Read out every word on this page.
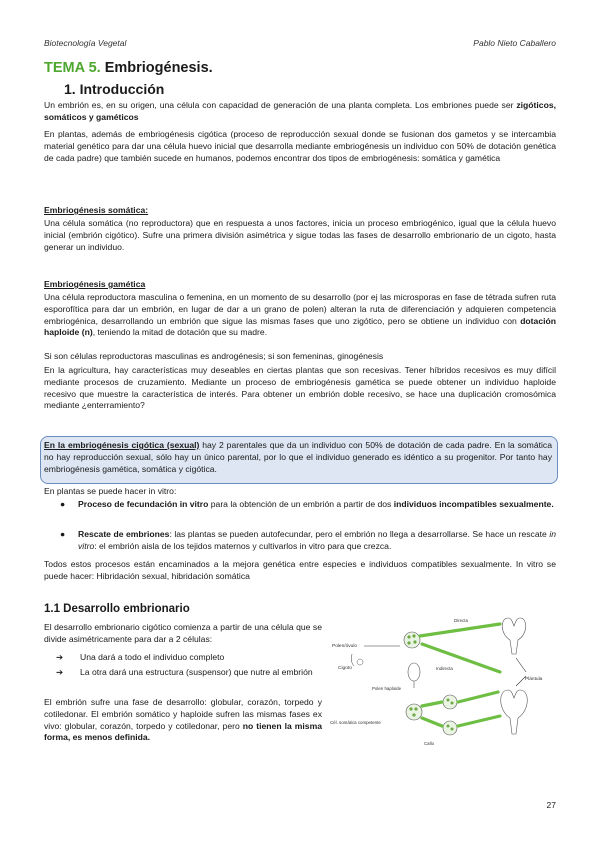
Biotecnología Vegetal	Pablo Nieto Caballero
TEMA 5. Embriogénesis.
1. Introducción

Un embrión es, en su origen, una célula con capacidad de generación de una planta completa. Los embriones puede ser zigóticos, somáticos y gaméticos

En plantas, además de embriogénesis cigótica (proceso de reproducción sexual donde se fusionan dos gametos y se intercambia material genético para dar una célula huevo inicial que desarrolla mediante embriogénesis un individuo con 50% de dotación genética de cada padre) que también sucede en humanos, podemos encontrar dos tipos de embriogénesis: somática y gamética

Embriogénesis somática:

Una célula somática (no reproductora) que en respuesta a unos factores, inicia un proceso embriogénico, igual que la célula huevo inicial (embrión cigótico). Sufre una primera división asimétrica y sigue todas las fases de desarrollo embrionario de un cigoto, hasta generar un individuo.

Embriogénesis gamética

Una célula reproductora masculina o femenina, en un momento de su desarrollo (por ej las microsporas en fase de tétrada sufren ruta esporofítica para dar un embrión, en lugar de dar a un grano de polen) alteran la ruta de diferenciación y adquieren competencia embriogénica, desarrollando un embrión que sigue las mismas fases que uno zigótico, pero se obtiene un individuo con dotación haploide (n), teniendo la mitad de dotación que su madre.

Si son células reproductoras masculinas es androgénesis; si son femeninas, ginogénesis

En la agricultura, hay características muy deseables en ciertas plantas que son recesivas. Tener híbridos recesivos es muy difícil mediante procesos de cruzamiento. Mediante un proceso de embriogénesis gamética se puede obtener un individuo haploide recesivo que muestre la característica de interés. Para obtener un embrión doble recesivo, se hace una duplicación cromosómica mediante ¿enterramiento?

En la embriogénesis cigótica (sexual) hay 2 parentales que da un individuo con 50% de dotación de cada padre. En la somática no hay reproducción sexual, sólo hay un único parental, por lo que el individuo generado es idéntico a su progenitor. Por tanto hay embriogénesis gamética, somática y cigótica.

En plantas se puede hacer in vitro:

● Proceso de fecundación in vitro para la obtención de un embrión a partir de dos individuos incompatibles sexualmente.
● Rescate de embriones: las plantas se pueden autofecundar, pero el embrión no llega a desarrollarse. Se hace un rescate in vitro: el embrión aisla de los tejidos maternos y cultivarlos in vitro para que crezca.

Todos estos procesos están encaminados a la mejora genética entre especies e individuos compatibles sexualmente. In vitro se puede hacer: Hibridación sexual, hibridación somática

1.1 Desarrollo embrionario

El desarrollo embrionario cigótico comienza a partir de una célula que se divide asimétricamente para dar a 2 células:

➔ Una dará a todo el individuo completo
➔ La otra dará una estructura (suspensor) que nutre al embrión

El embrión sufre una fase de desarrollo: globular, corazón, torpedo y cotiledonar. El embrión somático y haploide sufren las mismas fases ex vivo: globular, corazón, torpedo y cotiledonar, pero no tienen la misma forma, es menos definida.

Polen/óvulo
Cigoto
Polen haploide
Cél. somática competente
Directa
Indirecta
Callo
Plántula
27
